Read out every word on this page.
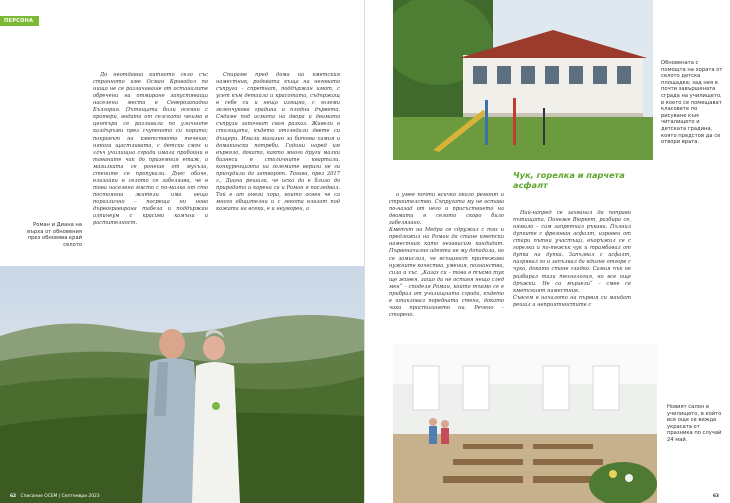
ПЕРСОНА

До неотдавна китното село със странното име Осман Криводол по нищо не се различаваше от останалите обречени на отмиране запустяващи населени места в Северозападна България. Пътищата били осеяни с кратери, водата от селската чешма в центъра се разливала по уличните калдъръми през счупеното си корито; покривът на кметството течеше; някога щастливата, с детски смях и глъч училищна сграда имала пробойни в таваните чак до приземния етаж, а мазилката се ронеше от мухъла, стените се пропукали. Днес обаче, влизайки в селото се забелязва, че в това населено място с по-малко от сто постоянни жители има нещо поразлично – посреща ни нова дървогравирана табела и поддържан алпинеум с красиви камъни и растителност.

Спираме пред дома на кметския наместник, родовата къща на неговата съпруга – спретнат, поддържан имот, с усет към детайла и красотата, съдържащ в себе си и нещо изящно, с големи зеленчукова градина и плодни дървета. Сядаме под асмата на двора и двамата съпрузи започват своя разказ. Живели в столицата, където отгледали двете си дъщери. Имали магазин за битова химия и домакински потреби. Години наред им вървяло, докато, както много други малки бизнеси в столичните квартали, конкуренцията на големите вериги не ги принудила да затворят. Тогава, през 2017 г., Диана решила, че иска да е близо до природата и корена си и Роман я последвал. Той е от онези хора, които освен че са много общителни и с лекота влизат под кожата на всеки, е и неуморен, а

Роман и Диана на
върха от обновения
през обновява край
селото
62 Списание ОСЕМ | Септември 2023
Обновената с помощта на хората от селото детска площадка; зад нея е почти завършената сграда на училището, в което се помещават класовете по рисуване към читалището и детската градина, която предстои да се отвори врата.

и умее почти всичко около ремонт и строителство. Съпругата му не остава по-назад от него и присъствието на двамата в селото скоро било забелязано.
Кметът на Медра се сдружил с тях и предложил на Роман да стане кметски наместник като независим кандидат. Първоначално идеята не му допадала, но се замислил, че всъщност притежава нужните качества, умения, познанства, сила и хъс. „Казах си – това е тъкмо тук ще живея, защо да не оставя нещо след мен“ – споделя Роман, който тъкмо се е прибрал от училищната сграда, където е шпакловал поредната стена, докато чака пристигането ни. Речено – сторено.

Чук, горелка и парчета асфалт

Най-напред се захванал да поправи пътищата. Понеже Вюркет, разбира се, нямало – сам запретнал ръкави. Пълнил дупките с фрезован асфалт, изровен от стари пътни участъци, въоръжил се с горелка и по-тежък чук и трамбовал от дупка на дупка. Запълвал с асфалт, нагрявал го и запълвал да вдигне отгоре с чука, докато стане гладко. Самия пък не разбирал тази технология, но все още дръжки. Не са мързели“ – смее се кметският наместник.
Съвсем в началото на първия си мандат решил и неприятностите с

Новият салон в училището, в който все още се вижда украсата от празника по случай 24 май.
63
